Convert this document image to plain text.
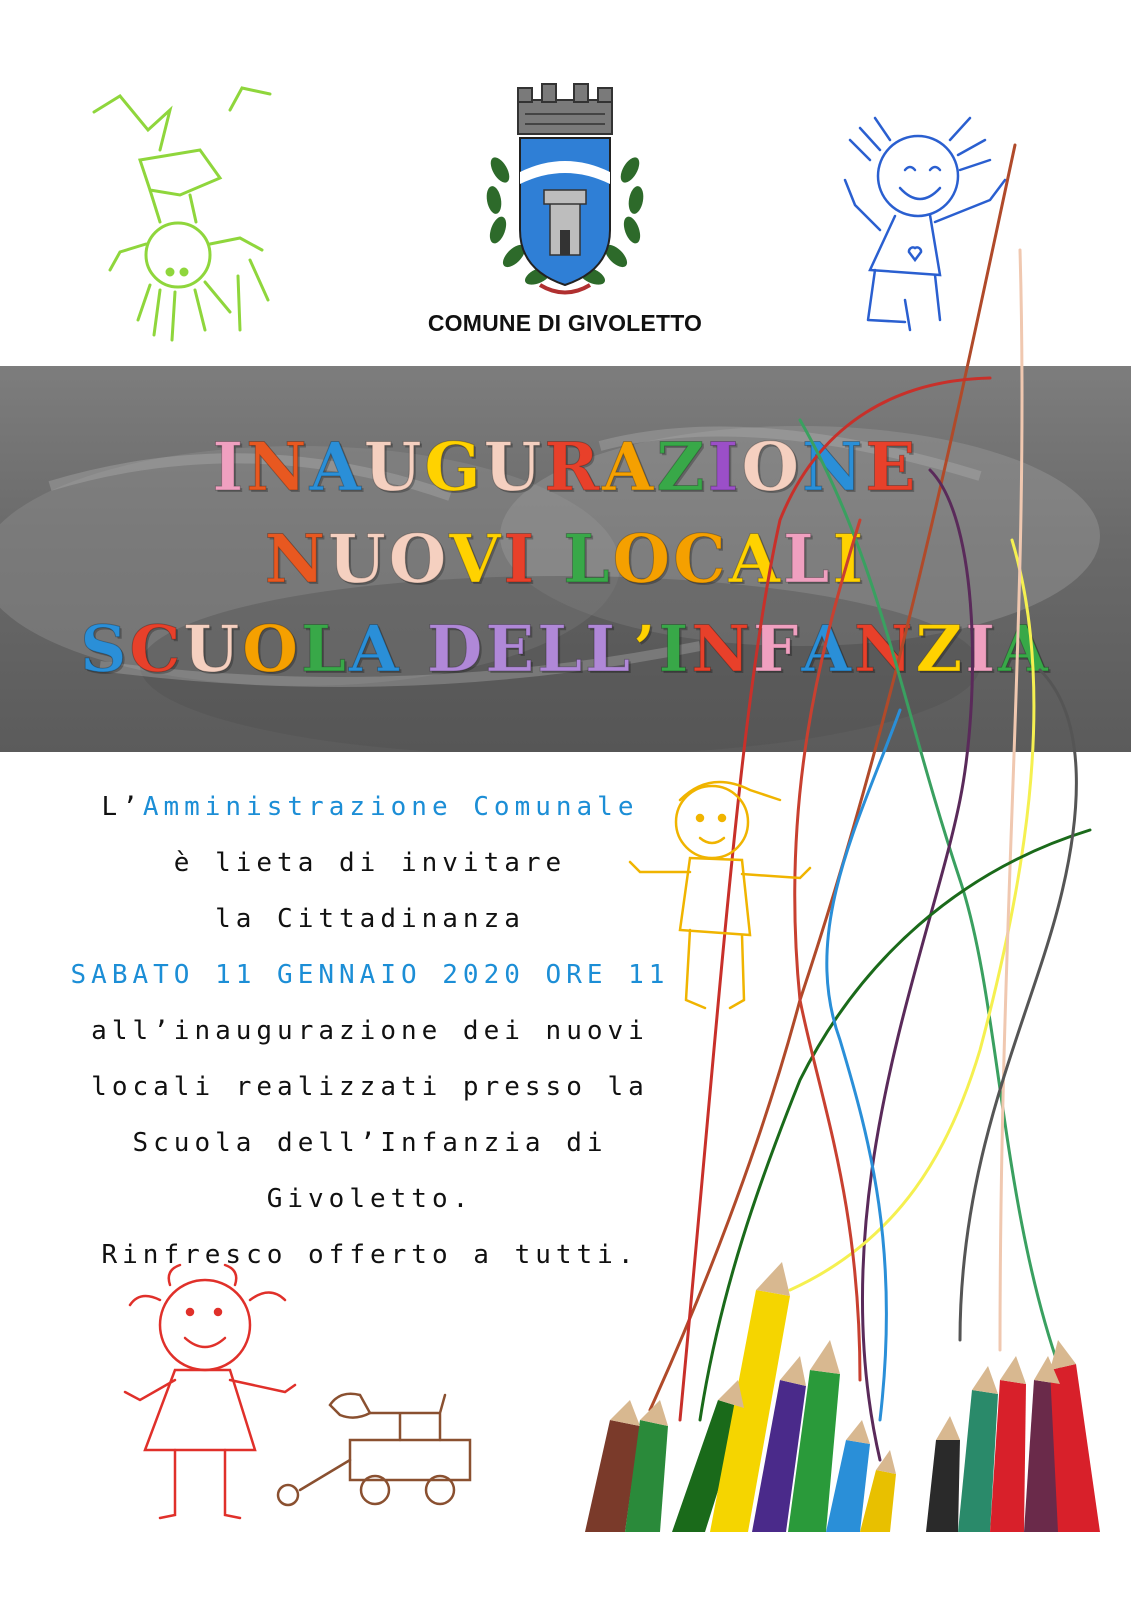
COMUNE DI GIVOLETTO
INAUGURAZIONE
NUOVI LOCALI
SCUOLA DELL’INFANZIA
L’Amministrazione Comunale
è lieta di invitare
la Cittadinanza
SABATO 11 GENNAIO 2020 ORE 11
all’inaugurazione dei nuovi
locali realizzati presso la
Scuola dell’Infanzia di
Givoletto.
Rinfresco offerto a tutti.
